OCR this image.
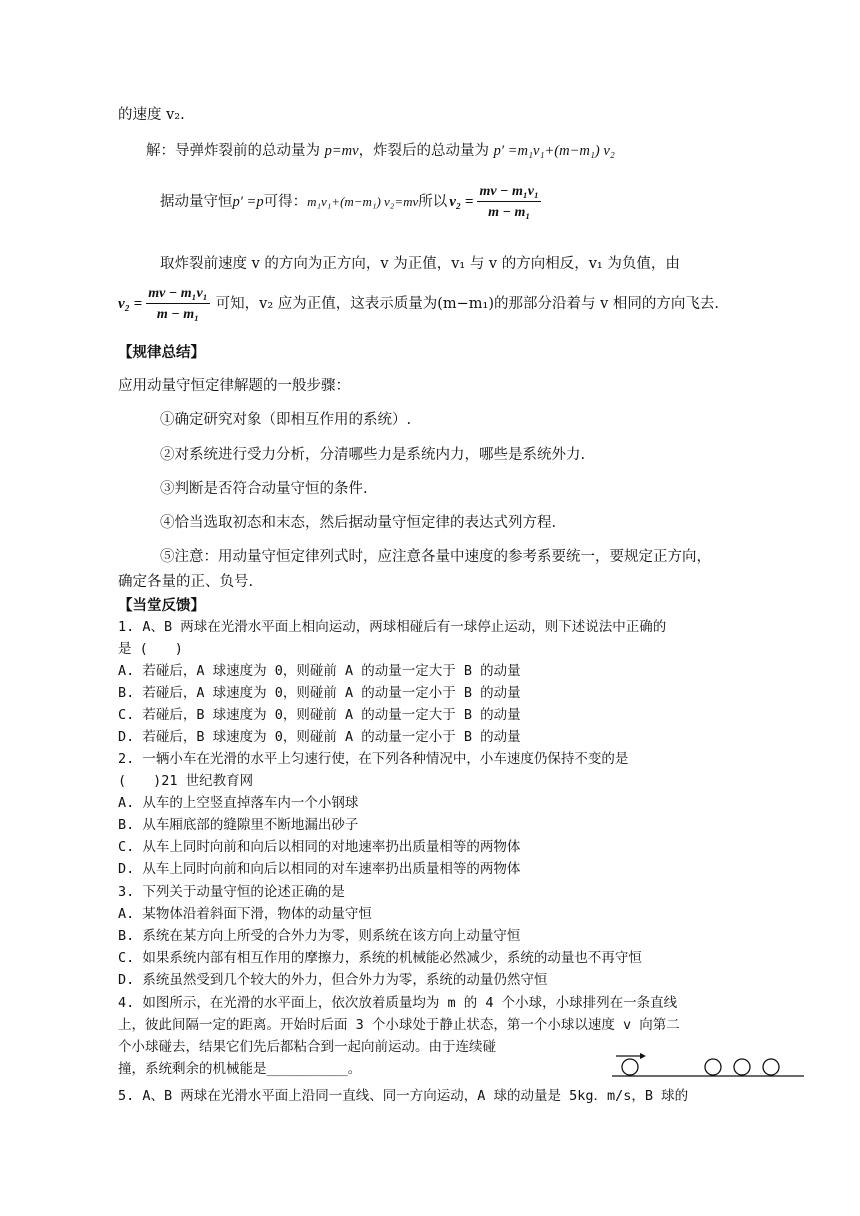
的速度 v₂.
解：导弹炸裂前的总动量为 p=mv，炸裂后的总动量为 p′ =m₁v₁+(m−m₁) v₂
据动量守恒 p′ =p 可得： m₁v₁+(m−m₁) v₂=mv 所以 $v_2 = \frac{\text{mv − m₁v₁}}{\text{m − m₁}}$
取炸裂前速度 v 的方向为正方向，v 为正值，v₁ 与 v 的方向相反，v₁ 为负值，由
$v_2 = \frac{\text{mv − m₁v₁}}{\text{m − m₁}}$ 可知，v₂ 应为正值，这表示质量为(m−m₁)的那部分沿着与 v 相同的方向飞去.
【规律总结】
应用动量守恒定律解题的一般步骤：
①确定研究对象（即相互作用的系统）.
②对系统进行受力分析，分清哪些力是系统内力，哪些是系统外力.
③判断是否符合动量守恒的条件.
④恰当选取初态和末态，然后据动量守恒定律的表达式列方程.
⑤注意：用动量守恒定律列式时，应注意各量中速度的参考系要统一，要规定正方向，
确定各量的正、负号.
【当堂反馈】
1. A、B 两球在光滑水平面上相向运动，两球相碰后有一球停止运动，则下述说法中正确的
是 (　　)
A. 若碰后，A 球速度为 0，则碰前 A 的动量一定大于 B 的动量
B. 若碰后，A 球速度为 0，则碰前 A 的动量一定小于 B 的动量
C. 若碰后，B 球速度为 0，则碰前 A 的动量一定大于 B 的动量
D. 若碰后，B 球速度为 0，则碰前 A 的动量一定小于 B 的动量
2. 一辆小车在光滑的水平上匀速行使，在下列各种情况中，小车速度仍保持不变的是
(　　)21 世纪教育网
A. 从车的上空竖直掉落车内一个小钢球
B. 从车厢底部的缝隙里不断地漏出砂子
C. 从车上同时向前和向后以相同的对地速率扔出质量相等的两物体
D. 从车上同时向前和向后以相同的对车速率扔出质量相等的两物体
3. 下列关于动量守恒的论述正确的是
A. 某物体沿着斜面下滑，物体的动量守恒
B. 系统在某方向上所受的合外力为零，则系统在该方向上动量守恒
C. 如果系统内部有相互作用的摩擦力，系统的机械能必然减少，系统的动量也不再守恒
D. 系统虽然受到几个较大的外力，但合外力为零，系统的动量仍然守恒
4. 如图所示，在光滑的水平面上，依次放着质量均为 m 的 4 个小球，小球排列在一条直线
上，彼此间隔一定的距离。开始时后面 3 个小球处于静止状态，第一个小球以速度 v 向第二
个小球碰去，结果它们先后都粘合到一起向前运动。由于连续碰
撞，系统剩余的机械能是__________。
5. A、B 两球在光滑水平面上沿同一直线、同一方向运动，A 球的动量是 5kg．m/s，B 球的
